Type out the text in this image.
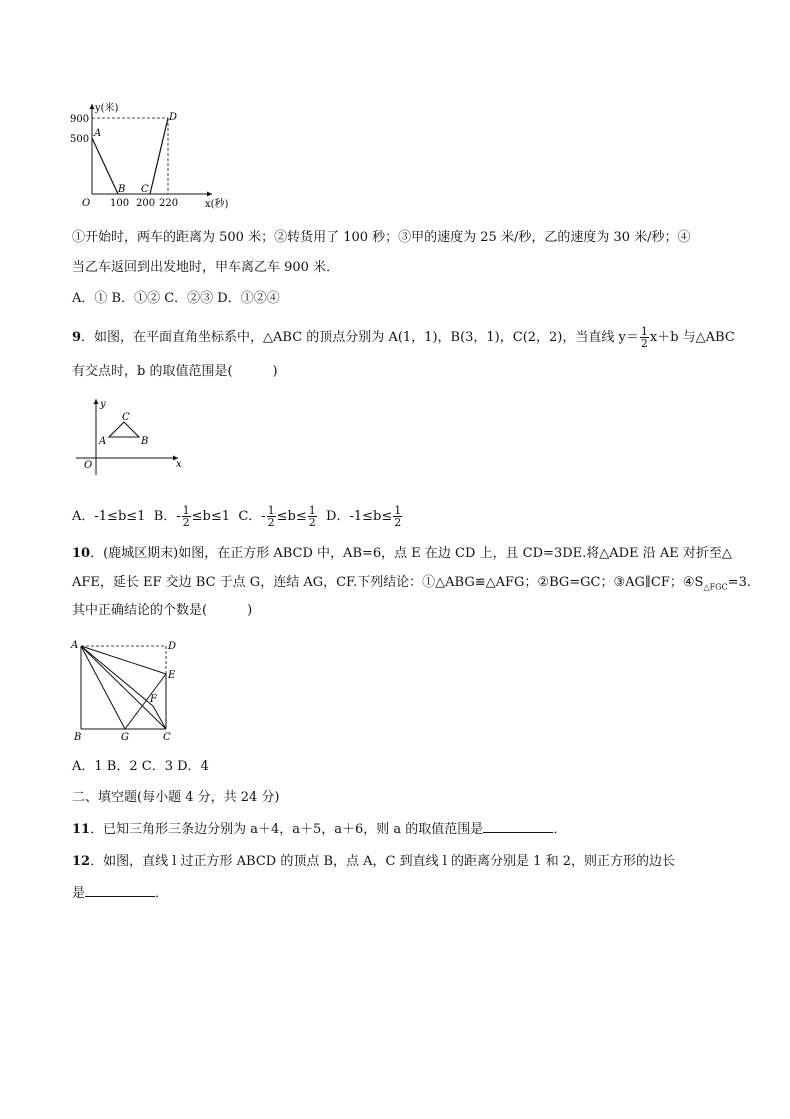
y(米)
x(秒)
O
900
500
100 200 220
A
B C
D
①开始时，两车的距离为 500 米；②转货用了 100 秒；③甲的速度为 25 米/秒，乙的速度为 30 米/秒；④
当乙车返回到出发地时，甲车离乙车 900 米．
A．① B．①② C．②③ D．①②④
9．如图，在平面直角坐标系中，△ABC 的顶点分别为 A(1，1)，B(3，1)，C(2，2)，当直线 $y= \frac{1}{2} x+b$ 与△ABC
有交点时，b 的取值范围是(	)
y
x
O
A	B
C
A．-1≤b≤1 B．- $\frac{1}{2} \le b\le 1$ C．- $\frac{1}{2} \le b\le \frac{1}{2}$ D．$-1\le b\le \frac{1}{2}$
10．(鹿城区期末)如图，在正方形 ABCD 中，AB=6，点 E 在边 CD 上，且 CD=3DE.将△ADE 沿 AE 对折至△
AFE，延长 EF 交边 BC 于点 G，连结 AG，CF.下列结论：①△ABG≌△AFG；②BG=GC；③AG∥CF；$④S_{\triangle FGC}=3$.
其中正确结论的个数是(	)
A	D
E
F
B	G	C
A．1 B．2 C．3 D．4
二、填空题(每小题 4 分，共 24 分)
11．已知三角形三条边分别为 a＋4，a＋5，a＋6，则 a 的取值范围是	．
12．如图，直线 l 过正方形 ABCD 的顶点 B，点 A，C 到直线 l 的距离分别是 1 和 2，则正方形的边长
是	．
